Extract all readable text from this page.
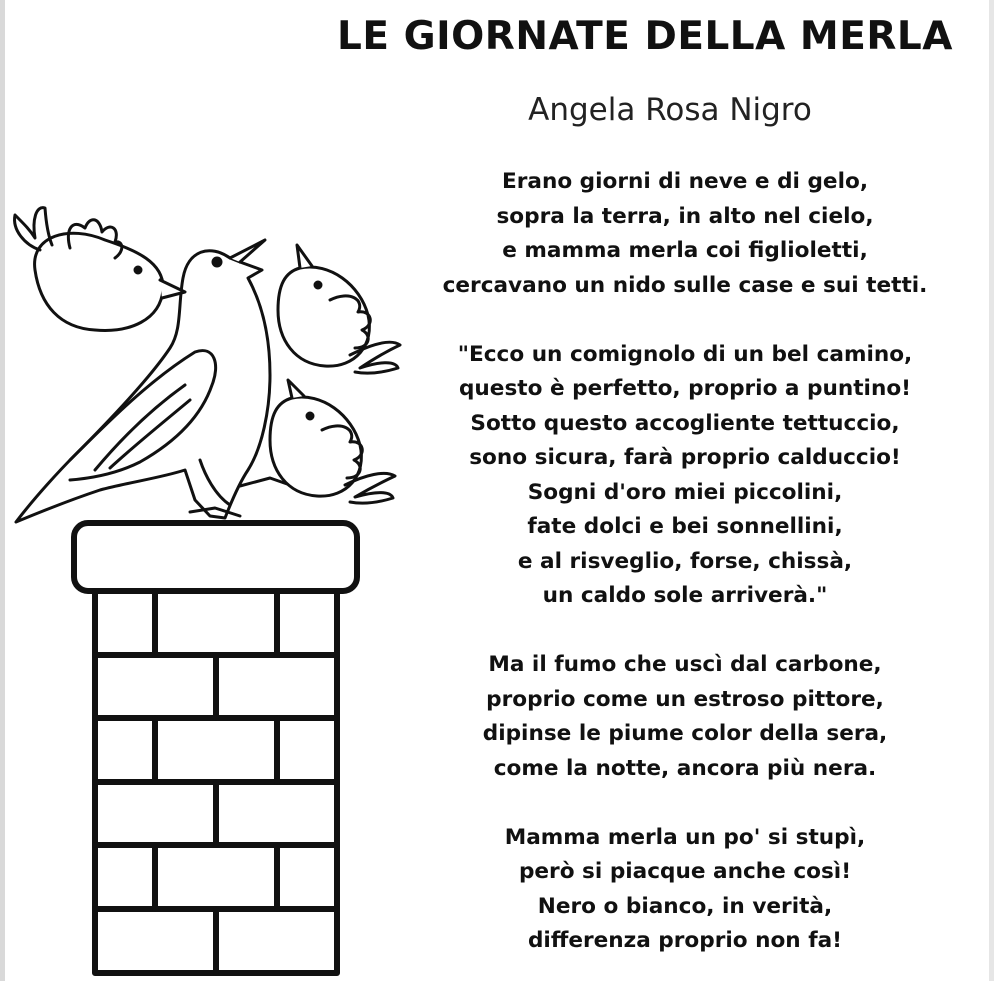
LE GIORNATE DELLA MERLA
Angela Rosa Nigro
Erano giorni di neve e di gelo,
sopra la terra, in alto nel cielo,
e mamma merla coi figlioletti,
cercavano un nido sulle case e sui tetti.
"Ecco un comignolo di un bel camino,
questo è perfetto, proprio a puntino!
Sotto questo accogliente tettuccio,
sono sicura, farà proprio calduccio!
Sogni d'oro miei piccolini,
fate dolci e bei sonnellini,
e al risveglio, forse, chissà,
un caldo sole arriverà."
Ma il fumo che uscì dal carbone,
proprio come un estroso pittore,
dipinse le piume color della sera,
come la notte, ancora più nera.
Mamma merla un po' si stupì,
però si piacque anche così!
Nero o bianco, in verità,
differenza proprio non fa!
